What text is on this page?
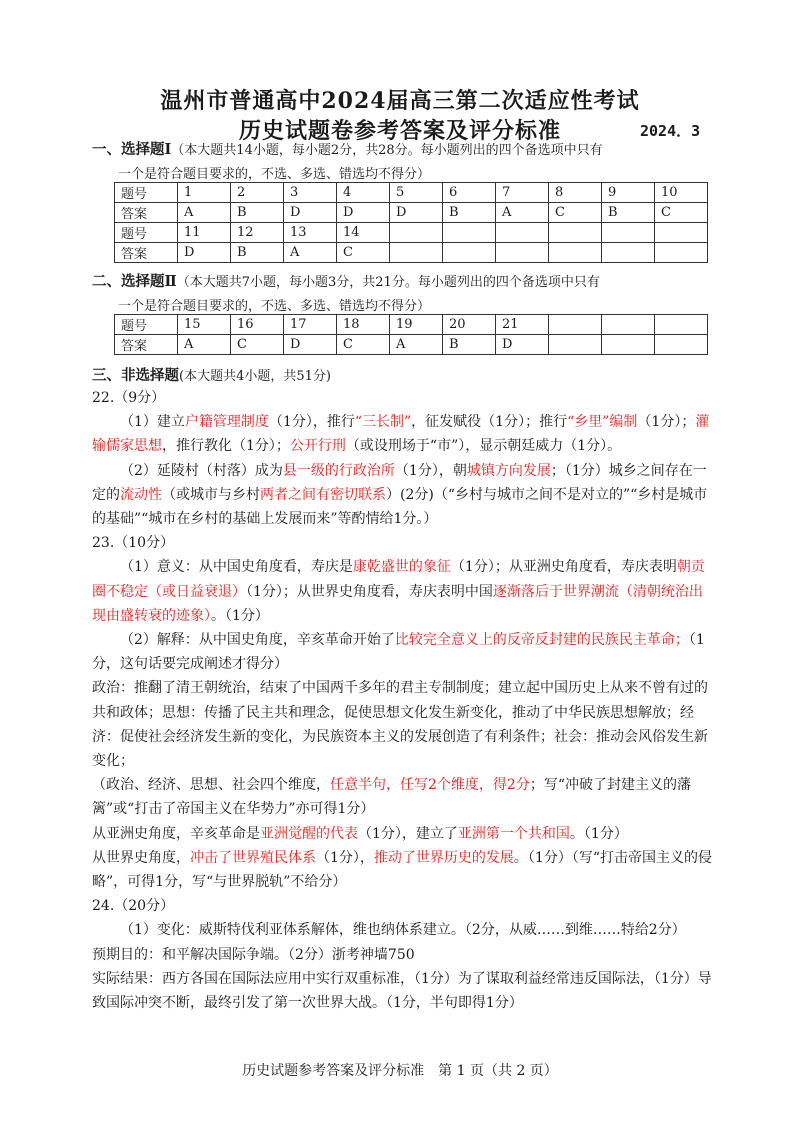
温州市普通高中2024届高三第二次适应性考试
历史试题卷参考答案及评分标准	2024．3
一、选择题Ⅰ（本大题共14小题，每小题2分，共28分。每小题列出的四个备选项中只有
一个是符合题目要求的，不选、多选、错选均不得分）
题号	1	2	3	4	5	6	7	8	9	10
答案	A	B	D	D	D	B	A	C	B	C
题号	11	12	13	14						
答案	D	B	A	C						
二、选择题Ⅱ（本大题共7小题，每小题3分，共21分。每小题列出的四个备选项中只有
一个是符合题目要求的，不选、多选、错选均不得分）
题号	15	16	17	18	19	20	21			
答案	A	C	D	C	A	B	D			
三、非选择题(本大题共4小题，共51分)

22.（9分）

（1）建立户籍管理制度（1分），推行“三长制”，征发赋役（1分）；推行“乡里”编制（1分）；灌输儒家思想，推行教化（1分）；公开行刑（或设刑场于“市”），显示朝廷威力（1分）。

（2）延陵村（村落）成为县一级的行政治所（1分），朝城镇方向发展；（1分）城乡之间存在一定的流动性（或城市与乡村两者之间有密切联系）(2分)（“乡村与城市之间不是对立的”“乡村是城市的基础”“城市在乡村的基础上发展而来”等酌情给1分。）

23.（10分）

（1）意义：从中国史角度看，寿庆是康乾盛世的象征（1分）；从亚洲史角度看，寿庆表明朝贡圈不稳定（或日益衰退）（1分）；从世界史角度看，寿庆表明中国逐渐落后于世界潮流（清朝统治出现由盛转衰的迹象）。（1分）

（2）解释：从中国史角度，辛亥革命开始了比较完全意义上的反帝反封建的民族民主革命；（1分，这句话要完成阐述才得分）

政治：推翻了清王朝统治，结束了中国两千多年的君主专制制度；建立起中国历史上从来不曾有过的共和政体；思想：传播了民主共和理念，促使思想文化发生新变化，推动了中华民族思想解放；经济：促使社会经济发生新的变化，为民族资本主义的发展创造了有利条件；社会：推动会风俗发生新变化；

（政治、经济、思想、社会四个维度，任意半句，任写2个维度，得2分；写“冲破了封建主义的藩篱”或“打击了帝国主义在华势力”亦可得1分）

从亚洲史角度，辛亥革命是亚洲觉醒的代表（1分），建立了亚洲第一个共和国。（1分）

从世界史角度，冲击了世界殖民体系（1分），推动了世界历史的发展。（1分）（写“打击帝国主义的侵略”，可得1分，写“与世界脱轨”不给分）

24.（20分）

（1）变化：威斯特伐利亚体系解体，维也纳体系建立。（2分，从威……到维……特给2分）

预期目的：和平解决国际争端。（2分）浙考神墙750

实际结果：西方各国在国际法应用中实行双重标准，（1分）为了谋取利益经常违反国际法，（1分）导致国际冲突不断，最终引发了第一次世界大战。（1分，半句即得1分）

历史试题参考答案及评分标准　第 1 页（共 2 页）
